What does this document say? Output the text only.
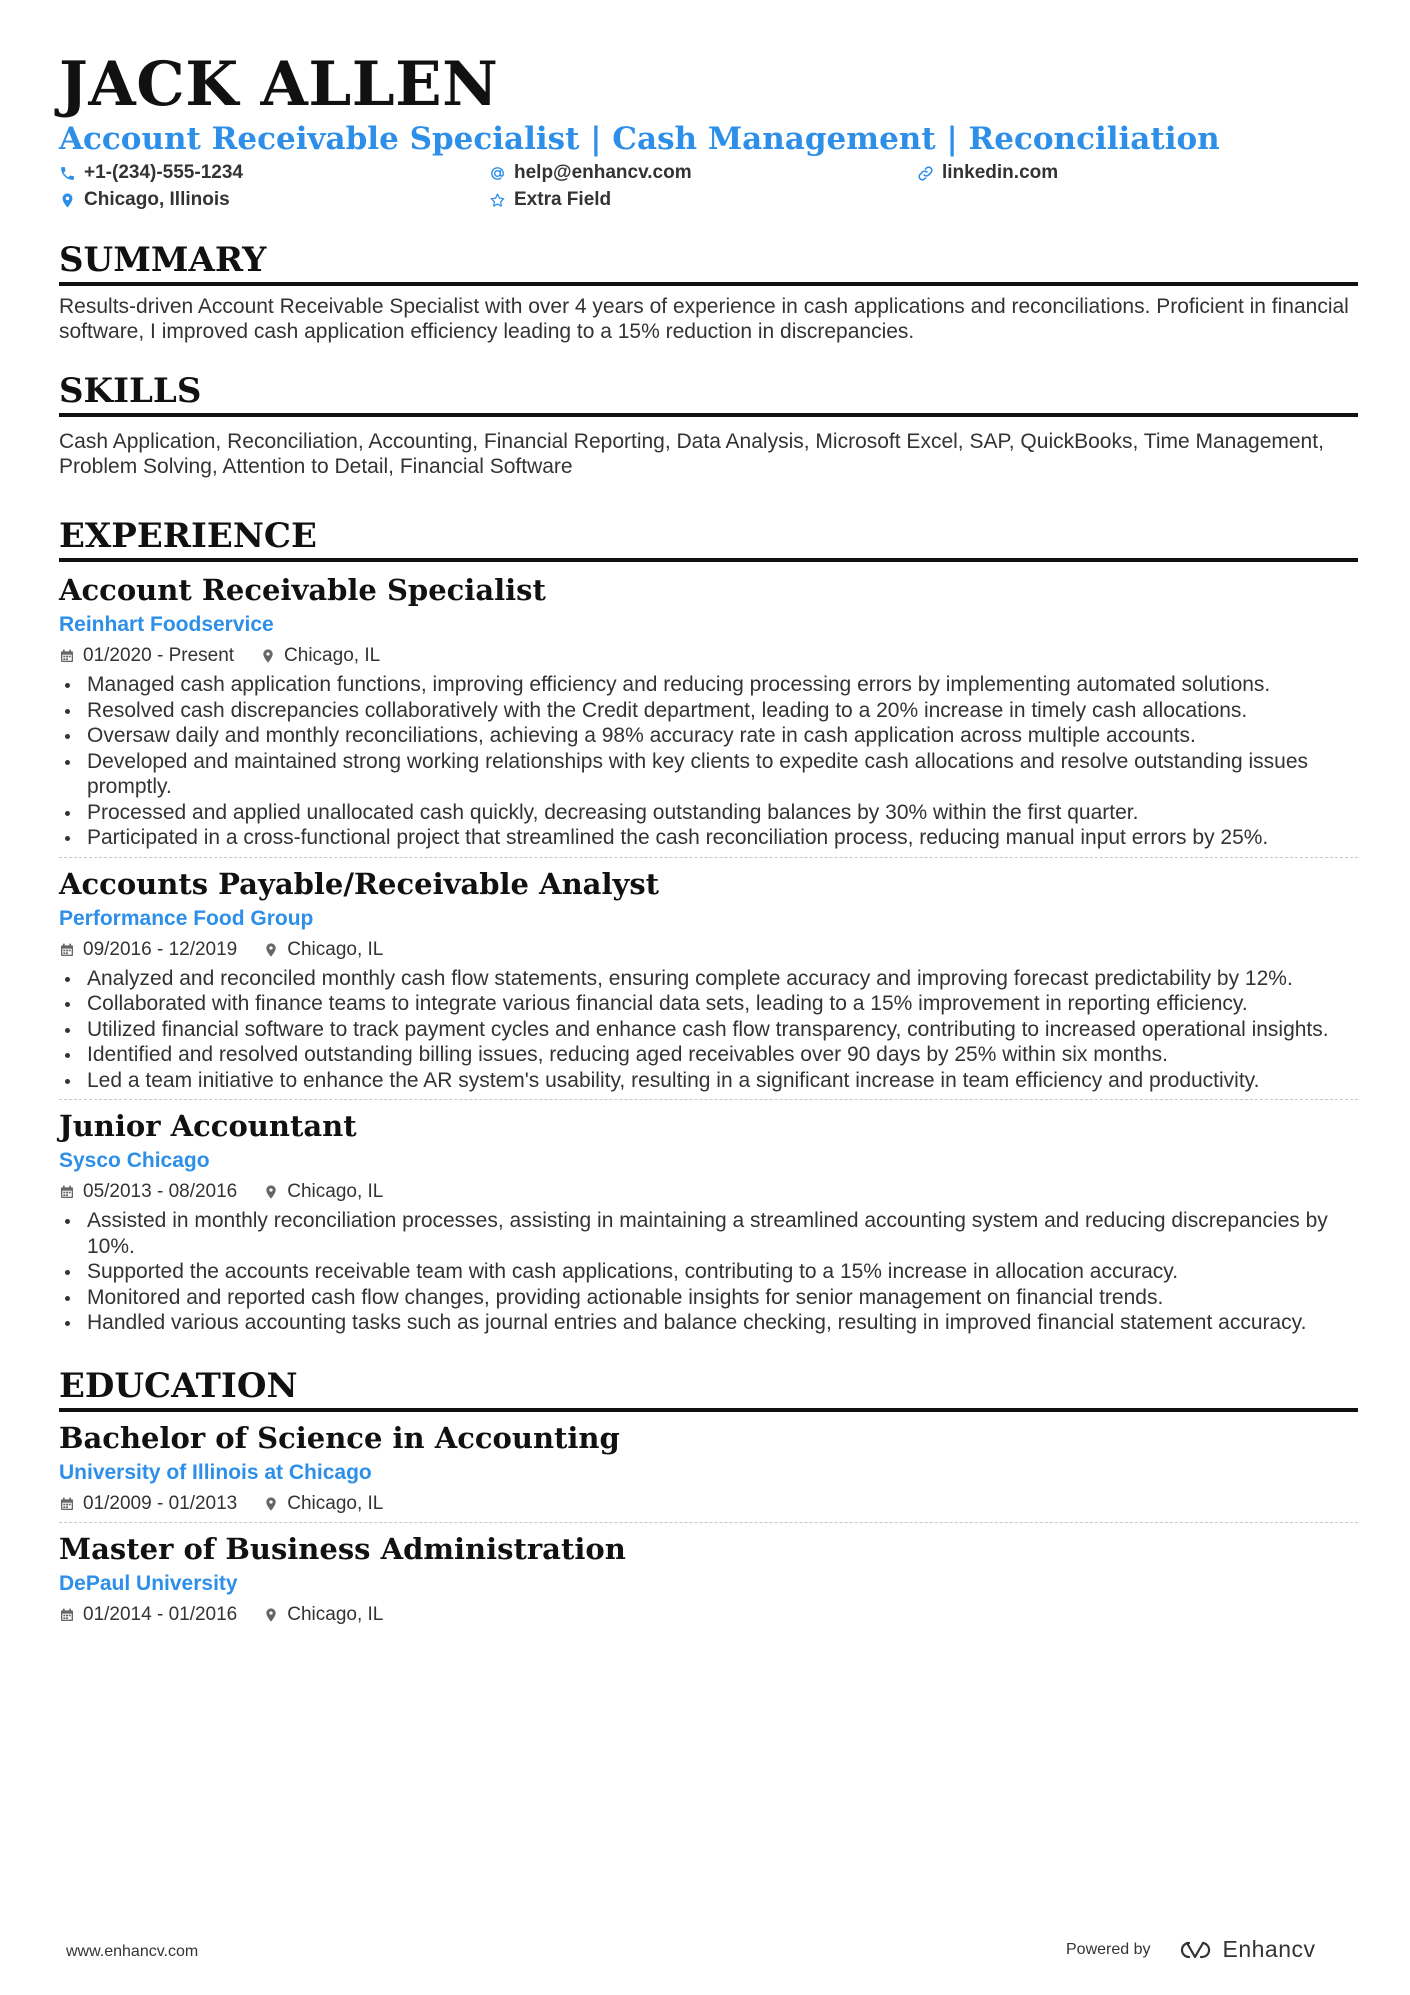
JACK ALLEN
Account Receivable Specialist | Cash Management | Reconciliation
+1-(234)-555-1234	help@enhancv.com	linkedin.com
Chicago, Illinois	Extra Field
SUMMARY

Results-driven Account Receivable Specialist with over 4 years of experience in cash applications and reconciliations. Proficient in financial software, I improved cash application efficiency leading to a 15% reduction in discrepancies.

SKILLS

Cash Application, Reconciliation, Accounting, Financial Reporting, Data Analysis, Microsoft Excel, SAP, QuickBooks, Time Management, Problem Solving, Attention to Detail, Financial Software

EXPERIENCE
Account Receivable Specialist
Reinhart Foodservice
01/2020 - Present	Chicago, IL
Managed cash application functions, improving efficiency and reducing processing errors by implementing automated solutions.
Resolved cash discrepancies collaboratively with the Credit department, leading to a 20% increase in timely cash allocations.
Oversaw daily and monthly reconciliations, achieving a 98% accuracy rate in cash application across multiple accounts.
Developed and maintained strong working relationships with key clients to expedite cash allocations and resolve outstanding issues promptly.
Processed and applied unallocated cash quickly, decreasing outstanding balances by 30% within the first quarter.
Participated in a cross-functional project that streamlined the cash reconciliation process, reducing manual input errors by 25%.
Accounts Payable/Receivable Analyst
Performance Food Group
09/2016 - 12/2019	Chicago, IL
Analyzed and reconciled monthly cash flow statements, ensuring complete accuracy and improving forecast predictability by 12%.
Collaborated with finance teams to integrate various financial data sets, leading to a 15% improvement in reporting efficiency.
Utilized financial software to track payment cycles and enhance cash flow transparency, contributing to increased operational insights.
Identified and resolved outstanding billing issues, reducing aged receivables over 90 days by 25% within six months.
Led a team initiative to enhance the AR system's usability, resulting in a significant increase in team efficiency and productivity.
Junior Accountant
Sysco Chicago
05/2013 - 08/2016	Chicago, IL
Assisted in monthly reconciliation processes, assisting in maintaining a streamlined accounting system and reducing discrepancies by 10%.
Supported the accounts receivable team with cash applications, contributing to a 15% increase in allocation accuracy.
Monitored and reported cash flow changes, providing actionable insights for senior management on financial trends.
Handled various accounting tasks such as journal entries and balance checking, resulting in improved financial statement accuracy.
EDUCATION
Bachelor of Science in Accounting
University of Illinois at Chicago
01/2009 - 01/2013	Chicago, IL
Master of Business Administration
DePaul University
01/2014 - 01/2016	Chicago, IL
www.enhancv.com	Powered by	Enhancv
